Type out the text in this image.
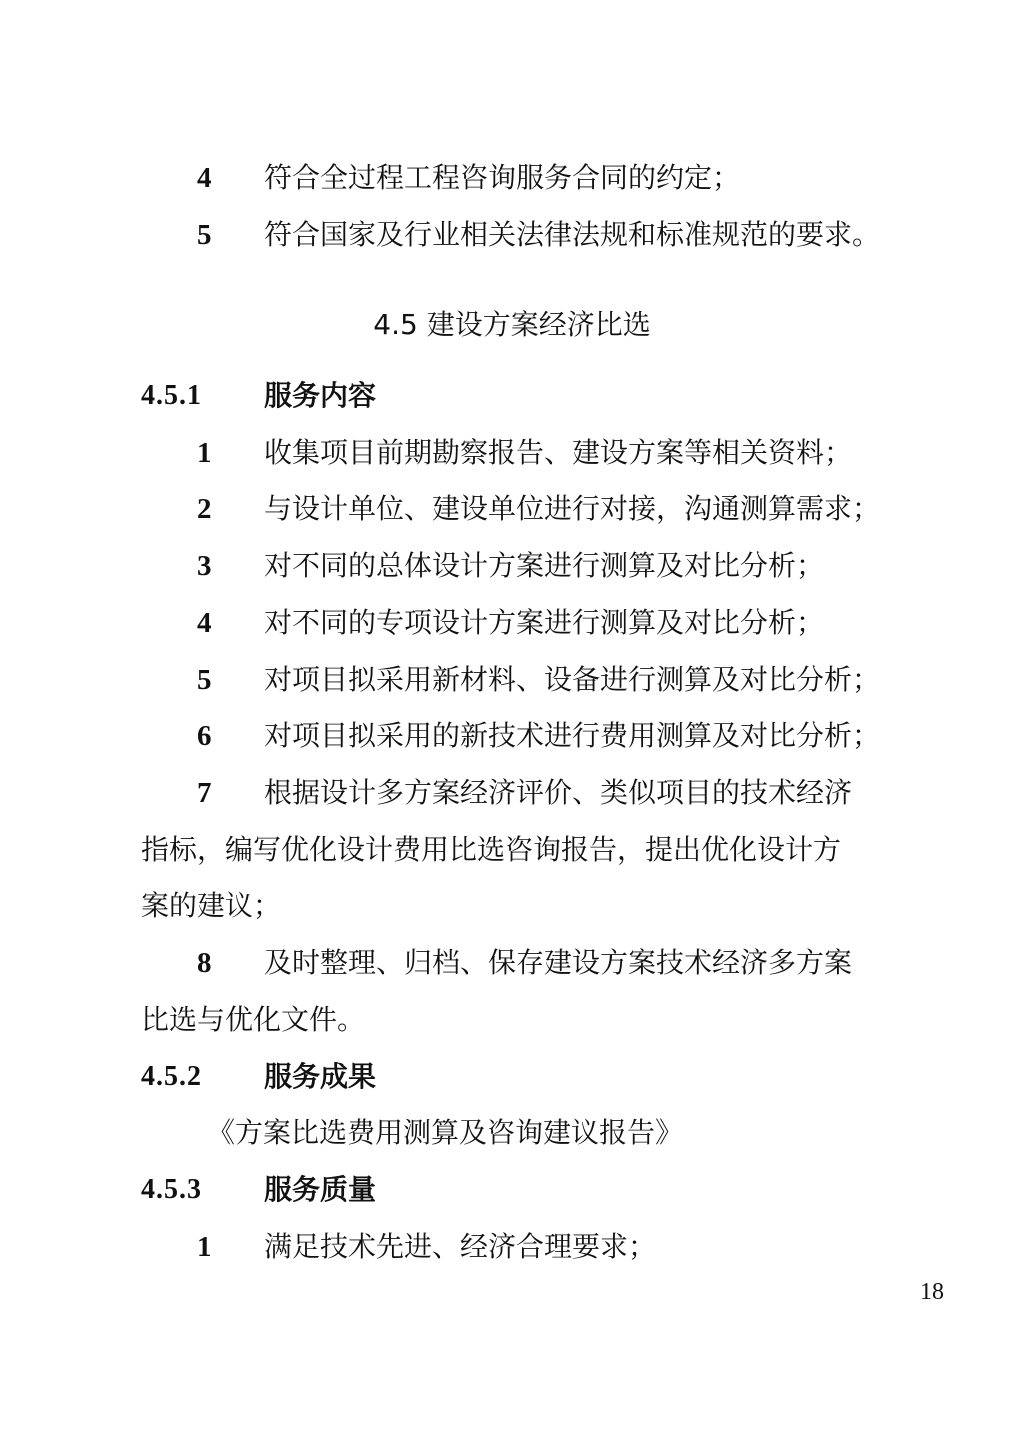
4	符合全过程工程咨询服务合同的约定；
5	符合国家及行业相关法律法规和标准规范的要求。
4.5 建设方案经济比选
4.5.1 服务内容
1	收集项目前期勘察报告、建设方案等相关资料；
2	与设计单位、建设单位进行对接，沟通测算需求；
3	对不同的总体设计方案进行测算及对比分析；
4	对不同的专项设计方案进行测算及对比分析；
5	对项目拟采用新材料、设备进行测算及对比分析；
6	对项目拟采用的新技术进行费用测算及对比分析；
7	根据设计多方案经济评价、类似项目的技术经济
指标，编写优化设计费用比选咨询报告，提出优化设计方
案的建议；
8	及时整理、归档、保存建设方案技术经济多方案
比选与优化文件。
4.5.2 服务成果
《方案比选费用测算及咨询建议报告》
4.5.3 服务质量
1	满足技术先进、经济合理要求；
18
